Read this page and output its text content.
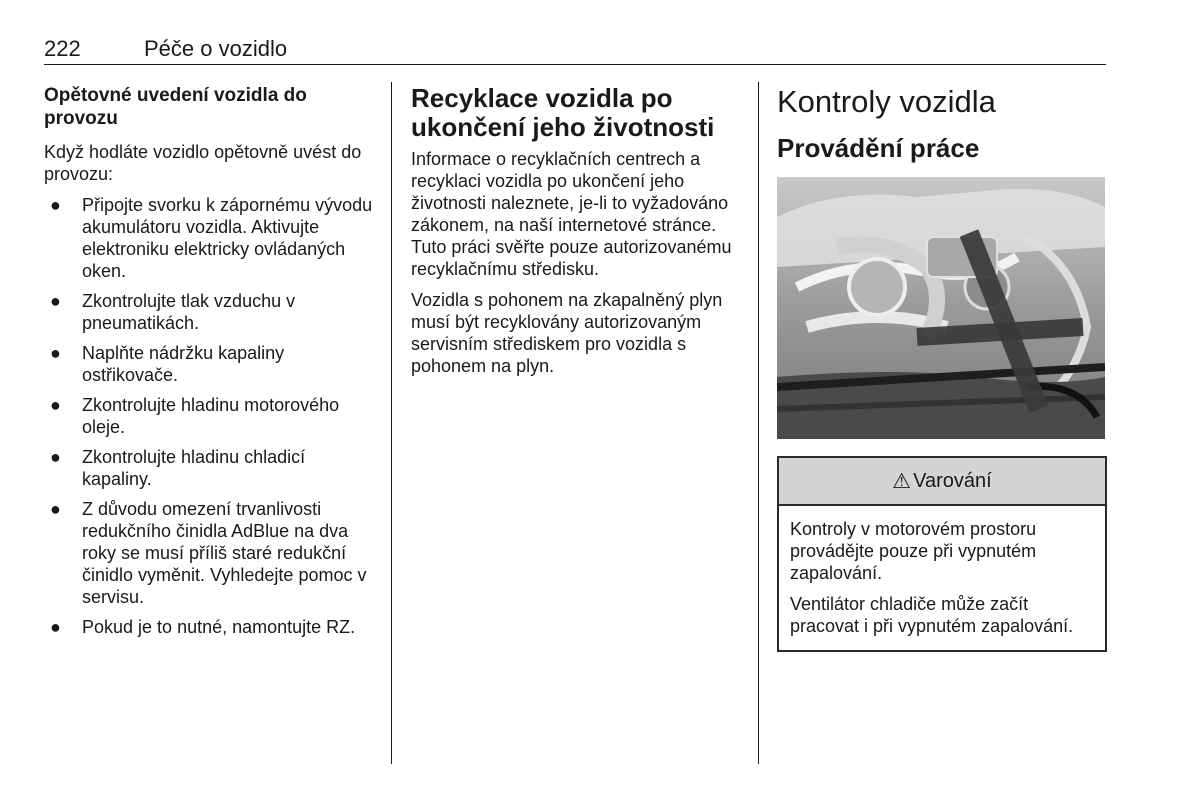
222	Péče o vozidlo
Opětovné uvedení vozidla do provozu

Když hodláte vozidlo opětovně uvést do provozu:

● Připojte svorku k zápornému vývodu akumulátoru vozidla. Aktivujte elektroniku elektricky ovládaných oken.
● Zkontrolujte tlak vzduchu v pneumatikách.
● Naplňte nádržku kapaliny ostřikovače.
● Zkontrolujte hladinu motorového oleje.
● Zkontrolujte hladinu chladicí kapaliny.
● Z důvodu omezení trvanlivosti redukčního činidla AdBlue na dva roky se musí příliš staré redukční činidlo vyměnit. Vyhledejte pomoc v servisu.
● Pokud je to nutné, namontujte RZ.
Recyklace vozidla po ukončení jeho životnosti

Informace o recyklačních centrech a recyklaci vozidla po ukončení jeho životnosti naleznete, je-li to vyžadováno zákonem, na naší internetové stránce. Tuto práci svěřte pouze autorizovanému recyklačnímu středisku.

Vozidla s pohonem na zkapalněný plyn musí být recyklovány autorizovaným servisním střediskem pro vozidla s pohonem na plyn.

Kontroly vozidla
Provádění práce
⚠ Varování

Kontroly v motorovém prostoru provádějte pouze při vypnutém zapalování.

Ventilátor chladiče může začít pracovat i při vypnutém zapalování.
